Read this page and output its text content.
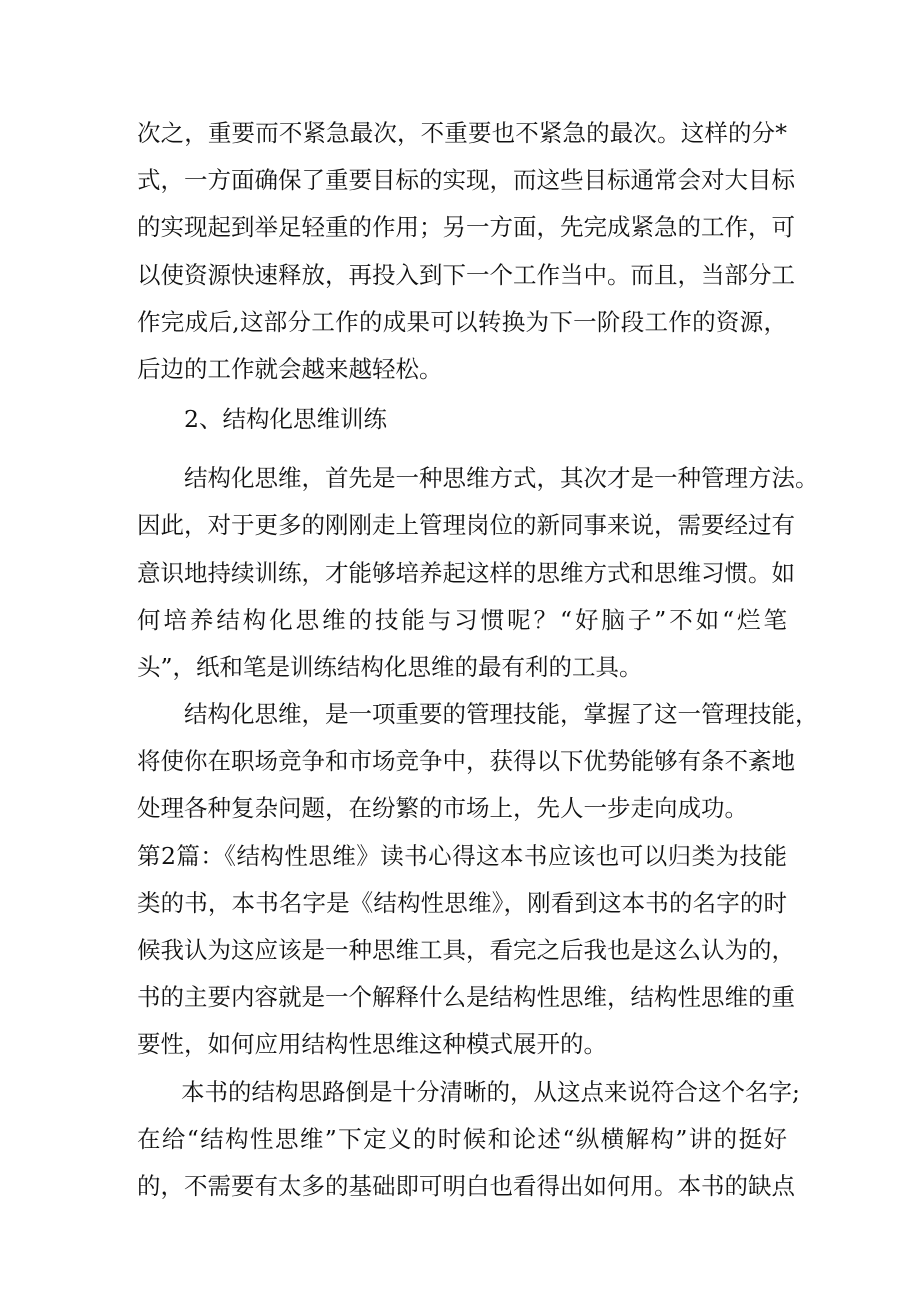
次之，重要而不紧急最次，不重要也不紧急的最次。这样的分*
式，一方面确保了重要目标的实现，而这些目标通常会对大目标
的实现起到举足轻重的作用；另一方面，先完成紧急的工作，可
以使资源快速释放，再投入到下一个工作当中。而且，当部分工
作完成后,这部分工作的成果可以转换为下一阶段工作的资源，
后边的工作就会越来越轻松。
2、结构化思维训练
结构化思维，首先是一种思维方式，其次才是一种管理方法。
因此，对于更多的刚刚走上管理岗位的新同事来说，需要经过有
意识地持续训练，才能够培养起这样的思维方式和思维习惯。如
何培养结构化思维的技能与习惯呢？“好脑子”不如“烂笔
头”，纸和笔是训练结构化思维的最有利的工具。
结构化思维，是一项重要的管理技能，掌握了这一管理技能，
将使你在职场竞争和市场竞争中，获得以下优势能够有条不紊地
处理各种复杂问题，在纷繁的市场上，先人一步走向成功。
第2篇：《结构性思维》读书心得这本书应该也可以归类为技能
类的书，本书名字是《结构性思维》，刚看到这本书的名字的时
候我认为这应该是一种思维工具，看完之后我也是这么认为的，
书的主要内容就是一个解释什么是结构性思维，结构性思维的重
要性，如何应用结构性思维这种模式展开的。
本书的结构思路倒是十分清晰的，从这点来说符合这个名字;
在给“结构性思维”下定义的时候和论述“纵横解构”讲的挺好
的，不需要有太多的基础即可明白也看得出如何用。本书的缺点
